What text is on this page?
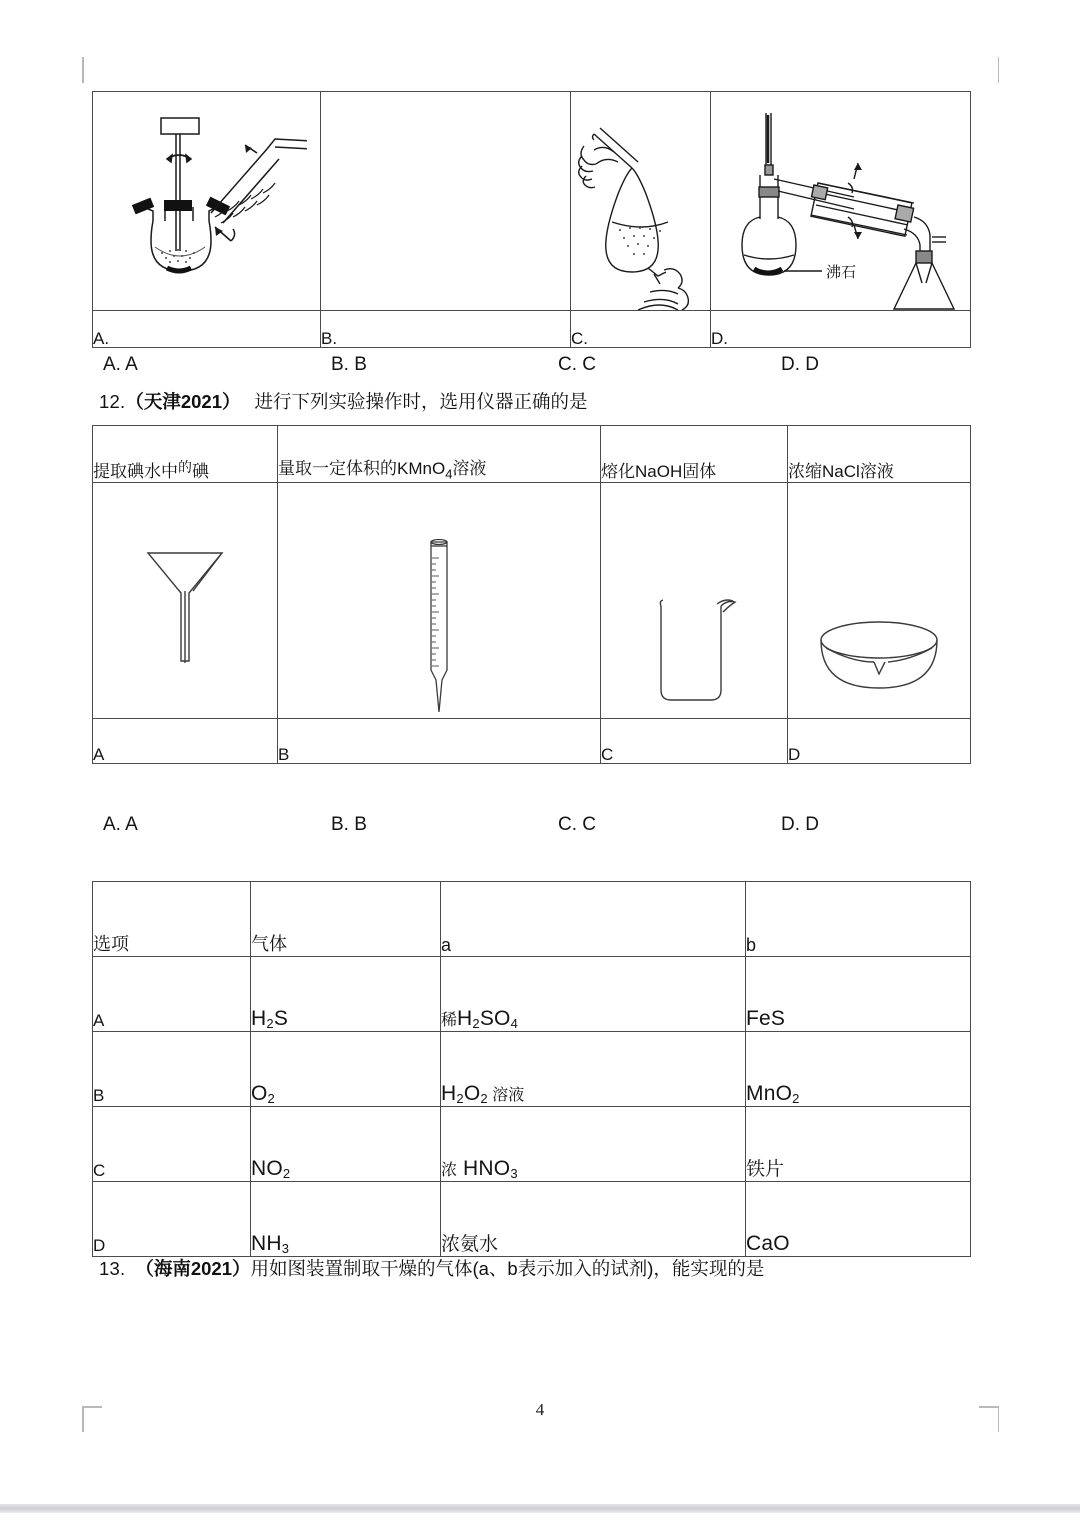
沸石

A.	B.	C.	D.
A. A	B. B	C. C	D. D
12.（天津2021） 进行下列实验操作时，选用仪器正确的是
提取碘水中$^的$碘	量取一定体积的KMnO$_4$溶液	熔化NaOH固体	浓缩NaCl溶液

A	B	C	D
A. A	B. B	C. C	D. D
选项	气体	a	b
A	$H_2S$	稀$H_2SO_4$	FeS
B	$O_2$	$H_2O_2$ 溶液	MnO$_2$
C	$NO_2$	浓 $HNO_3$	铁片
D	$NH_3$	浓氨水	CaO
13. （海南2021）用如图装置制取干燥的气体(a、b表示加入的试剂)，能实现的是
4
